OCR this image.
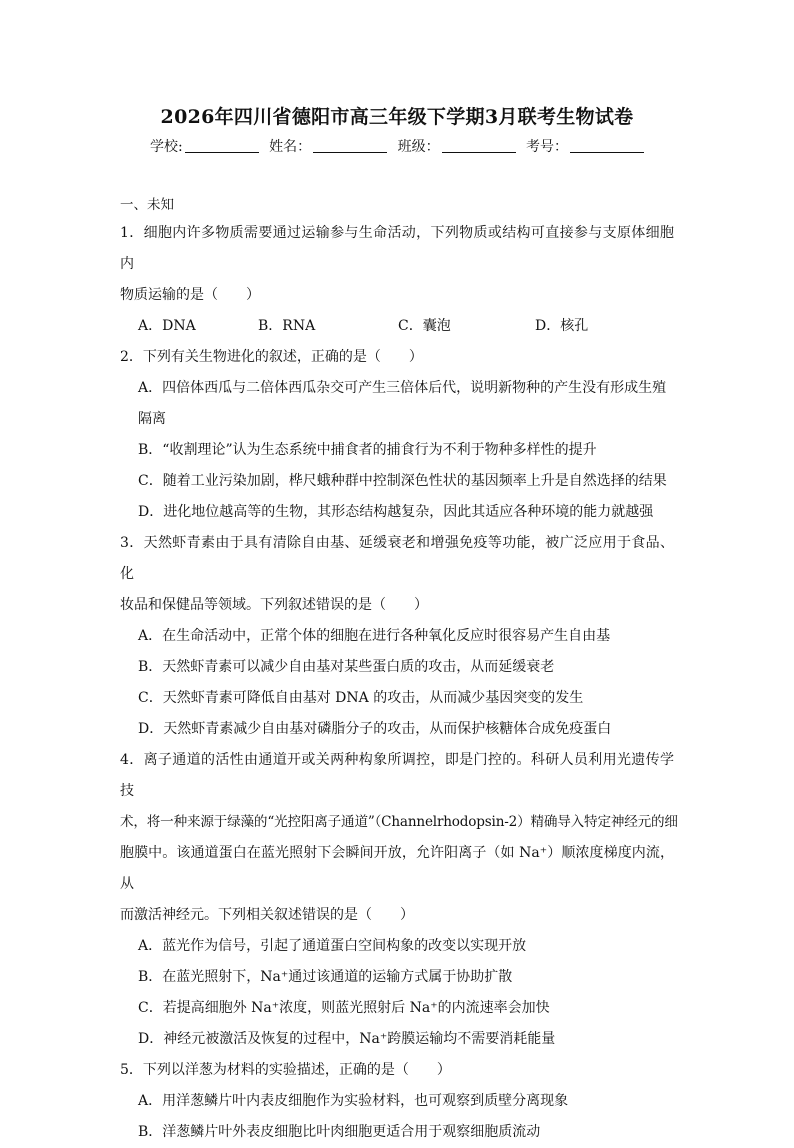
2026年四川省德阳市高三年级下学期3月联考生物试卷
学校:	姓名：	班级：	考号：
一、未知
1．细胞内许多物质需要通过运输参与生命活动，下列物质或结构可直接参与支原体细胞内
物质运输的是（　　）
A．DNA	B．RNA	C．囊泡	D．核孔
2．下列有关生物进化的叙述，正确的是（　　）
A．四倍体西瓜与二倍体西瓜杂交可产生三倍体后代，说明新物种的产生没有形成生殖
隔离
B．“收割理论”认为生态系统中捕食者的捕食行为不利于物种多样性的提升
C．随着工业污染加剧，桦尺蛾种群中控制深色性状的基因频率上升是自然选择的结果
D．进化地位越高等的生物，其形态结构越复杂，因此其适应各种环境的能力就越强
3．天然虾青素由于具有清除自由基、延缓衰老和增强免疫等功能，被广泛应用于食品、化
妆品和保健品等领域。下列叙述错误的是（　　）
A．在生命活动中，正常个体的细胞在进行各种氧化反应时很容易产生自由基
B．天然虾青素可以减少自由基对某些蛋白质的攻击，从而延缓衰老
C．天然虾青素可降低自由基对 DNA 的攻击，从而减少基因突变的发生
D．天然虾青素减少自由基对磷脂分子的攻击，从而保护核糖体合成免疫蛋白
4．离子通道的活性由通道开或关两种构象所调控，即是门控的。科研人员利用光遗传学技
术，将一种来源于绿藻的“光控阳离子通道”（Channelrhodopsin-2）精确导入特定神经元的细
胞膜中。该通道蛋白在蓝光照射下会瞬间开放，允许阳离子（如 Na⁺）顺浓度梯度内流，从
而激活神经元。下列相关叙述错误的是（　　）
A．蓝光作为信号，引起了通道蛋白空间构象的改变以实现开放
B．在蓝光照射下，Na⁺通过该通道的运输方式属于协助扩散
C．若提高细胞外 Na⁺浓度，则蓝光照射后 Na⁺的内流速率会加快
D．神经元被激活及恢复的过程中，Na⁺跨膜运输均不需要消耗能量
5．下列以洋葱为材料的实验描述，正确的是（　　）
A．用洋葱鳞片叶内表皮细胞作为实验材料，也可观察到质壁分离现象
B．洋葱鳞片叶外表皮细胞比叶肉细胞更适合用于观察细胞质流动
